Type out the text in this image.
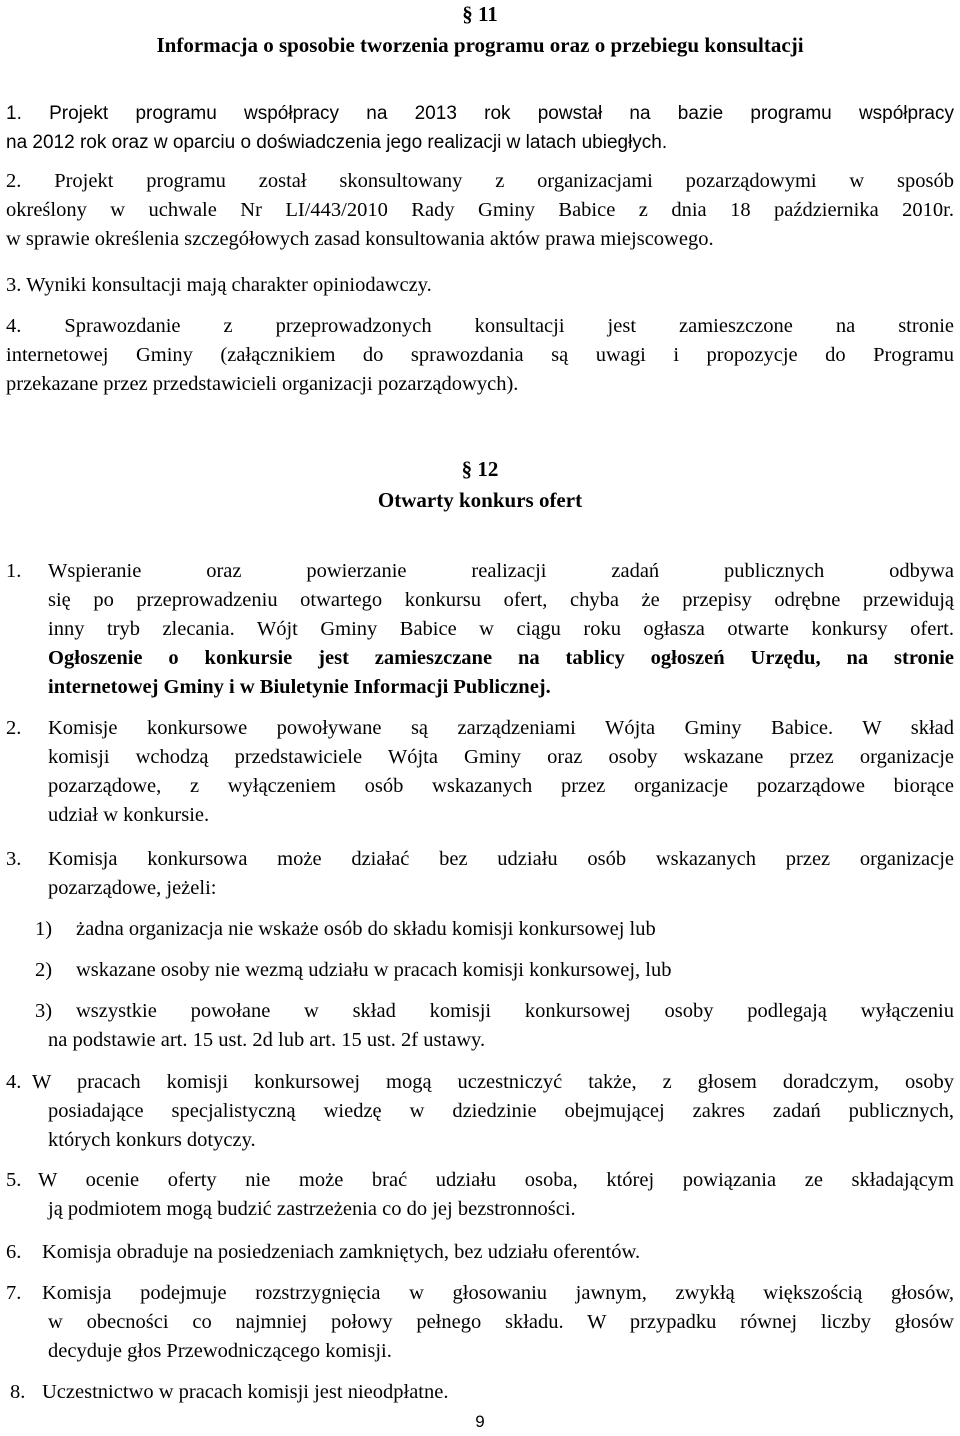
§ 11
Informacja o sposobie tworzenia programu oraz o przebiegu konsultacji
1. Projekt programu współpracy na 2013 rok powstał na bazie programu współpracy
na 2012 rok oraz w oparciu o doświadczenia jego realizacji w latach ubiegłych.
2. Projekt programu został skonsultowany z organizacjami pozarządowymi w sposób
określony w uchwale Nr LI/443/2010 Rady Gminy Babice z dnia 18 października 2010r.
w sprawie określenia szczegółowych zasad konsultowania aktów prawa miejscowego.
3. Wyniki konsultacji mają charakter opiniodawczy.
4. Sprawozdanie z przeprowadzonych konsultacji jest zamieszczone na stronie
internetowej Gminy (załącznikiem do sprawozdania są uwagi i propozycje do Programu
przekazane przez przedstawicieli organizacji pozarządowych).
§ 12
Otwarty konkurs ofert
1. Wspieranie oraz powierzanie realizacji zadań publicznych odbywa
się po przeprowadzeniu otwartego konkursu ofert, chyba że przepisy odrębne przewidują
inny tryb zlecania. Wójt Gminy Babice w ciągu roku ogłasza otwarte konkursy ofert.
Ogłoszenie o konkursie jest zamieszczane na tablicy ogłoszeń Urzędu, na stronie
internetowej Gminy i w Biuletynie Informacji Publicznej.
2. Komisje konkursowe powoływane są zarządzeniami Wójta Gminy Babice. W skład
komisji wchodzą przedstawiciele Wójta Gminy oraz osoby wskazane przez organizacje
pozarządowe, z wyłączeniem osób wskazanych przez organizacje pozarządowe biorące
udział w konkursie.
3. Komisja konkursowa może działać bez udziału osób wskazanych przez organizacje
pozarządowe, jeżeli:
1) żadna organizacja nie wskaże osób do składu komisji konkursowej lub
2) wskazane osoby nie wezmą udziału w pracach komisji konkursowej, lub
3) wszystkie powołane w skład komisji konkursowej osoby podlegają wyłączeniu
na podstawie art. 15 ust. 2d lub art. 15 ust. 2f ustawy.
4. W pracach komisji konkursowej mogą uczestniczyć także, z głosem doradczym, osoby
posiadające specjalistyczną wiedzę w dziedzinie obejmującej zakres zadań publicznych,
których konkurs dotyczy.
5. W ocenie oferty nie może brać udziału osoba, której powiązania ze składającym
ją podmiotem mogą budzić zastrzeżenia co do jej bezstronności.
6. Komisja obraduje na posiedzeniach zamkniętych, bez udziału oferentów.
7. Komisja podejmuje rozstrzygnięcia w głosowaniu jawnym, zwykłą większością głosów,
w obecności co najmniej połowy pełnego składu. W przypadku równej liczby głosów
decyduje głos Przewodniczącego komisji.
8. Uczestnictwo w pracach komisji jest nieodpłatne.
9
